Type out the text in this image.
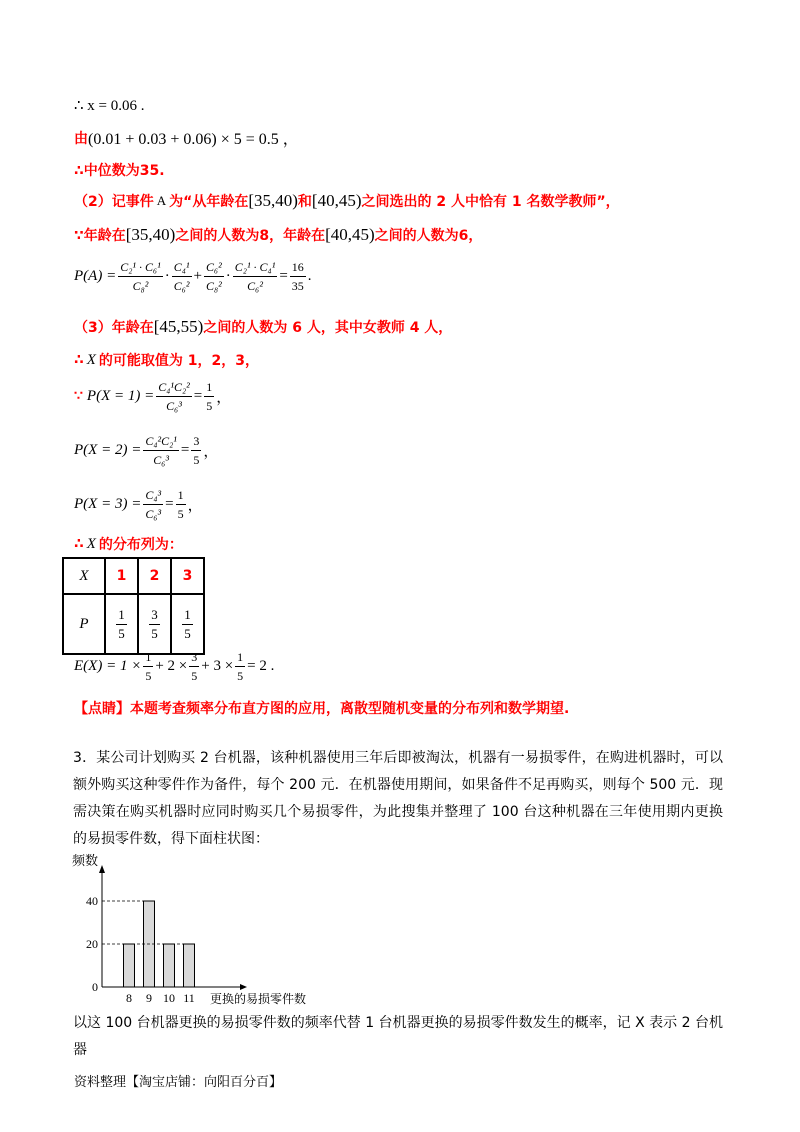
∴ x = 0.06 .
由 (0.01 + 0.03 + 0.06) × 5 = 0.5 ，
∴中位数为35.
（2）记事件 A 为“从年龄在 [35,40) 和 [40,45) 之间选出的 2 人中恰有 1 名数学教师”，
∵年龄在 [35,40) 之间的人数为8，年龄在 [40,45) 之间的人数为6，
$P(A) = \frac{\text{C₂¹ · C₆¹}}{\text{C₈²}} \cdot \frac{\text{C₄¹}}{\text{C₆²}} + \frac{\text{C₆²}}{\text{C₈²}} \cdot \frac{\text{C₂¹ · C₄¹}}{\text{C₆²}} = \frac{16}{35}$ .
（3）年龄在 [45,55) 之间的人数为 6 人，其中女教师 4 人，
∴ X 的可能取值为 1，2，3，
∵ $P(X = 1) = \frac{\text{C₄¹C₂²}}{\text{C₆³}} = \frac{1}{5}$ ，
$P(X = 2) = \frac{\text{C₄²C₂¹}}{\text{C₆³}} = \frac{3}{5}$ ，
$P(X = 3) = \frac{\text{C₄³}}{\text{C₆³}} = \frac{1}{5}$ ，
∴ X 的分布列为：
X	1	2	3
P	$\frac{1}{5}$	$\frac{3}{5}$	$\frac{1}{5}$
$E(X) = 1 \times \frac{1}{5} + 2 \times \frac{3}{5} + 3 \times \frac{1}{5} = 2$ .
【点睛】本题考查频率分布直方图的应用，离散型随机变量的分布列和数学期望.
3．某公司计划购买 2 台机器，该种机器使用三年后即被淘汰，机器有一易损零件，在购进机器时，可以额外购买这种零件作为备件，每个 200 元．在机器使用期间，如果备件不足再购买，则每个 500 元．现需决策在购买机器时应同时购买几个易损零件，为此搜集并整理了 100 台这种机器在三年使用期内更换的易损零件数，得下面柱状图：
频数
0
20
40
8 9 10 11 更换的易损零件数
以这 100 台机器更换的易损零件数的频率代替 1 台机器更换的易损零件数发生的概率，记 X 表示 2 台机器
资料整理【淘宝店铺：向阳百分百】
